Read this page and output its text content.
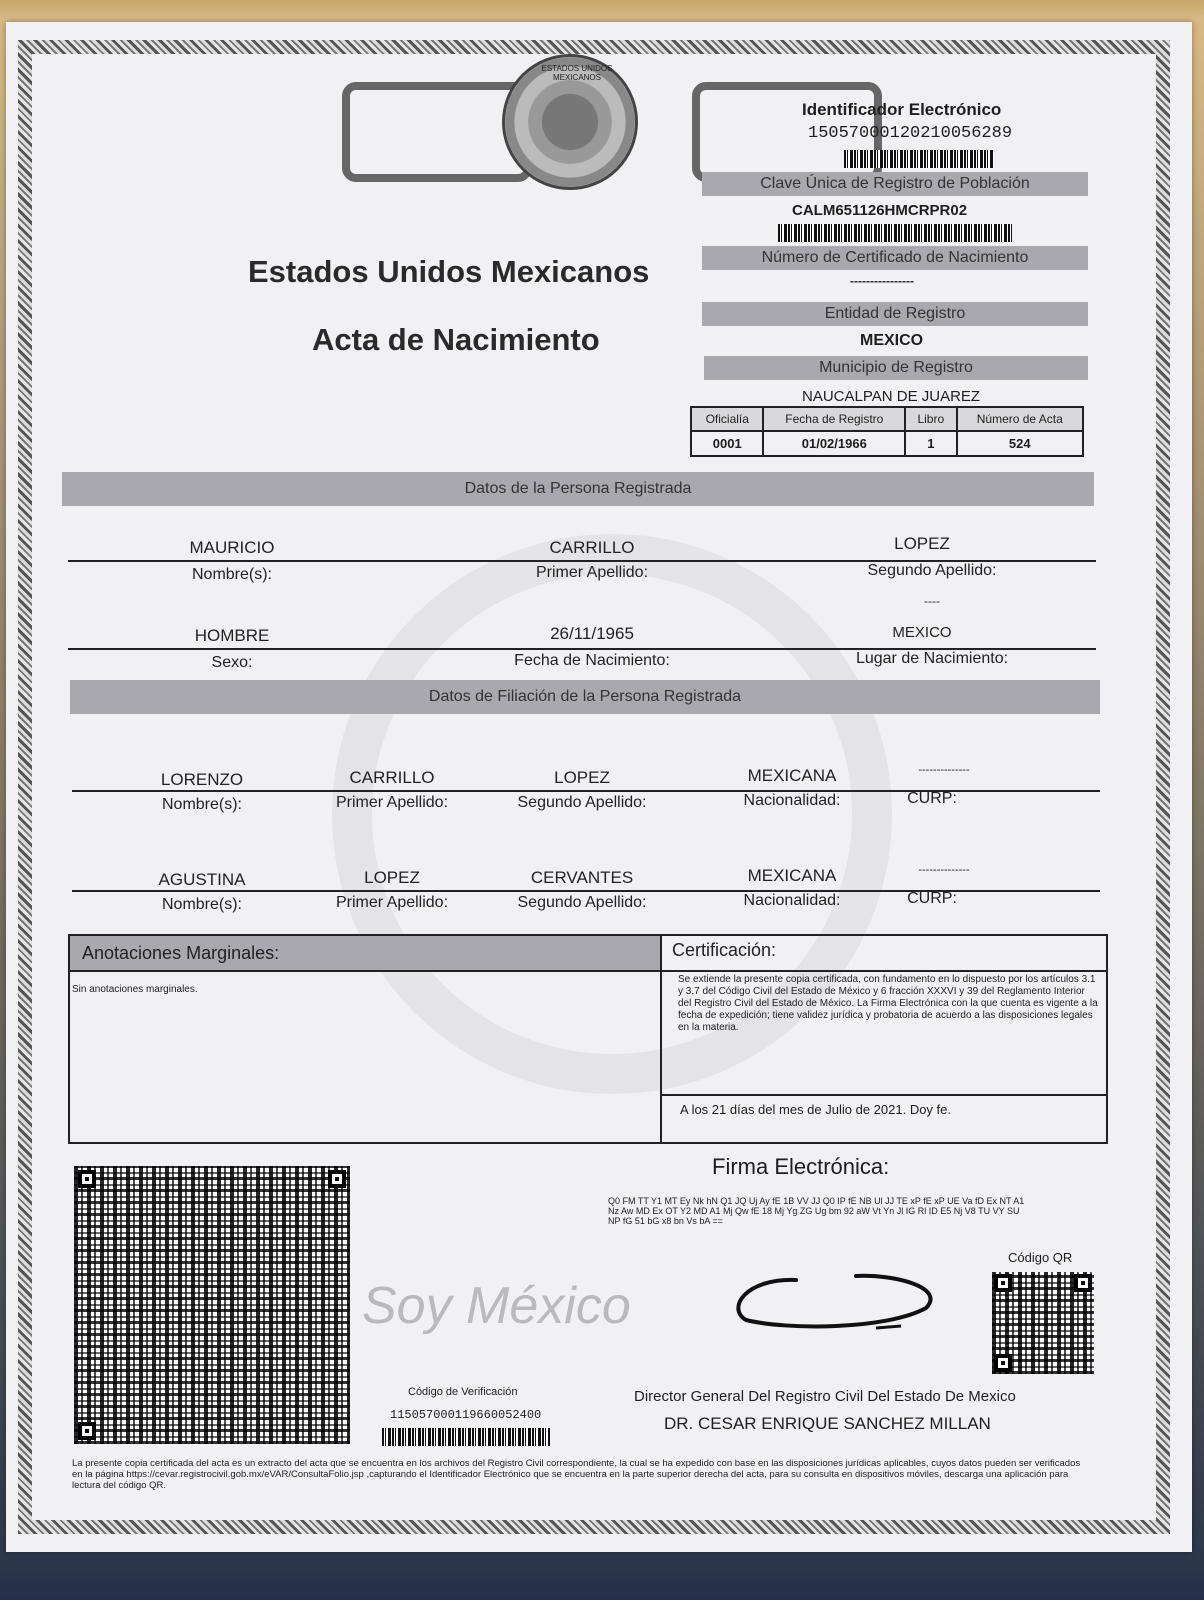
ESTADOS UNIDOS MEXICANOS
Estados Unidos Mexicanos
Acta de Nacimiento
Identificador Electrónico
15057000120210056289
Clave Única de Registro de Población
CALM651126HMCRPR02
Número de Certificado de Nacimiento
----------------
Entidad de Registro
MEXICO
Municipio de Registro
NAUCALPAN DE JUAREZ
Oficialía	Fecha de Registro	Libro	Número de Acta
0001	01/02/1966	1	524
Datos de la Persona Registrada
MAURICIO	CARRILLO	LOPEZ
Nombre(s):	Primer Apellido:	Segundo Apellido:
----
HOMBRE	26/11/1965	MEXICO
Sexo:	Fecha de Nacimiento:	Lugar de Nacimiento:
Datos de Filiación de la Persona Registrada
LORENZO	CARRILLO	LOPEZ	MEXICANA	--------------
Nombre(s):	Primer Apellido:	Segundo Apellido:	Nacionalidad:	CURP:
AGUSTINA	LOPEZ	CERVANTES	MEXICANA	--------------
Nombre(s):	Primer Apellido:	Segundo Apellido:	Nacionalidad:	CURP:
Anotaciones Marginales:
Sin anotaciones marginales.
Certificación:
Se extiende la presente copia certificada, con fundamento en lo dispuesto por los artículos 3.1 y 3.7 del Código Civil del Estado de México y 6 fracción XXXVI y 39 del Reglamento Interior del Registro Civil del Estado de México. La Firma Electrónica con la que cuenta es vigente a la fecha de expedición; tiene validez jurídica y probatoria de acuerdo a las disposiciones legales en la materia.
A los 21 días del mes de Julio de 2021. Doy fe.
Firma Electrónica:
Q0 FM TT Y1 MT Ey Nk hN Q1 JQ Uj Ay fE 1B VV JJ Q0 IP fE NB Ul JJ TE xP fE xP UE Va fD Ex NT A1 Nz Aw MD Ex OT Y2 MD A1 Mj Qw fE 18 Mj Yg ZG Ug bm 92 aW Vt Yn Jl IG Rl ID E5 Nj V8 TU VY SU NP fG 51 bG x8 bn Vs bA ==
Soy México
Código QR
Código de Verificación
115057000119660052400
Director General Del Registro Civil Del Estado De Mexico
DR. CESAR ENRIQUE SANCHEZ MILLAN
La presente copia certificada del acta es un extracto del acta que se encuentra en los archivos del Registro Civil correspondiente, la cual se ha expedido con base en las disposiciones jurídicas aplicables, cuyos datos pueden ser verificados en la página https://cevar.registrocivil.gob.mx/eVAR/ConsultaFolio.jsp ,capturando el Identificador Electrónico que se encuentra en la parte superior derecha del acta, para su consulta en dispositivos móviles, descarga una aplicación para lectura del código QR.
